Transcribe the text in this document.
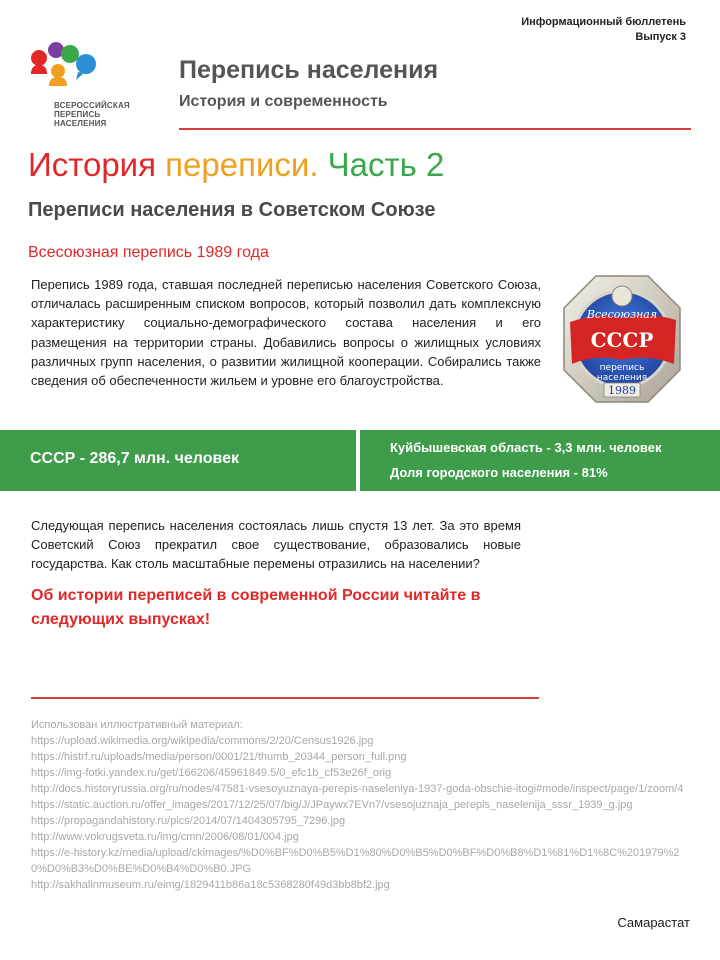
Информационный бюллетень
Выпуск 3
ВСЕРОССИЙСКАЯ
ПЕРЕПИСЬ
НАСЕЛЕНИЯ
Перепись населения
История и современность
История переписи. Часть 2
Переписи населения в Советском Союзе
Всесоюзная перепись 1989 года
Перепись 1989 года, ставшая последней переписью населения Советского Союза, отличалась расширенным списком вопросов, который позволил дать комплексную характеристику социально-демографического состава населения и его размещения на территории страны. Добавились вопросы о жилищных условиях различных групп населения, о развитии жилищной кооперации. Собирались также сведения об обеспеченности жильем и уровне его благоустройства.
Всесоюзная
СССР
перепись
населения
1989
СССР - 286,7 млн. человек
Куйбышевская область - 3,3 млн. человек
Доля городского населения - 81%
Следующая перепись населения состоялась лишь спустя 13 лет. За это время Советский Союз прекратил свое существование, образовались новые государства. Как столь масштабные перемены отразились на населении?
Об истории переписей в современной России читайте в следующих выпусках!
Использован иллюстративный материал:
https://upload.wikimedia.org/wikipedia/commons/2/20/Census1926.jpg
https://histrf.ru/uploads/media/person/0001/21/thumb_20344_person_full.png
https://img-fotki.yandex.ru/get/166206/45961849.5/0_efc1b_cf53e26f_orig
http://docs.historyrussia.org/ru/nodes/47581-vsesoyuznaya-perepis-naseleniya-1937-goda-obschie-itogi#mode/inspect/page/1/zoom/4
https://static.auction.ru/offer_images/2017/12/25/07/big/J/JPaywx7EVn7/vsesojuznaja_perepis_naselenija_sssr_1939_g.jpg
https://propagandahistory.ru/pics/2014/07/1404305795_7296.jpg
http://www.vokrugsveta.ru/img/cmn/2006/08/01/004.jpg
https://e-history.kz/media/upload/ckimages/%D0%BF%D0%B5%D1%80%D0%B5%D0%BF%D0%B8%D1%81%D1%8C%201979%20%D0%B3%D0%BE%D0%B4%D0%B0.JPG
http://sakhalinmuseum.ru/eimg/1829411b86a18c5368280f49d3bb8bf2.jpg
Самарастат
